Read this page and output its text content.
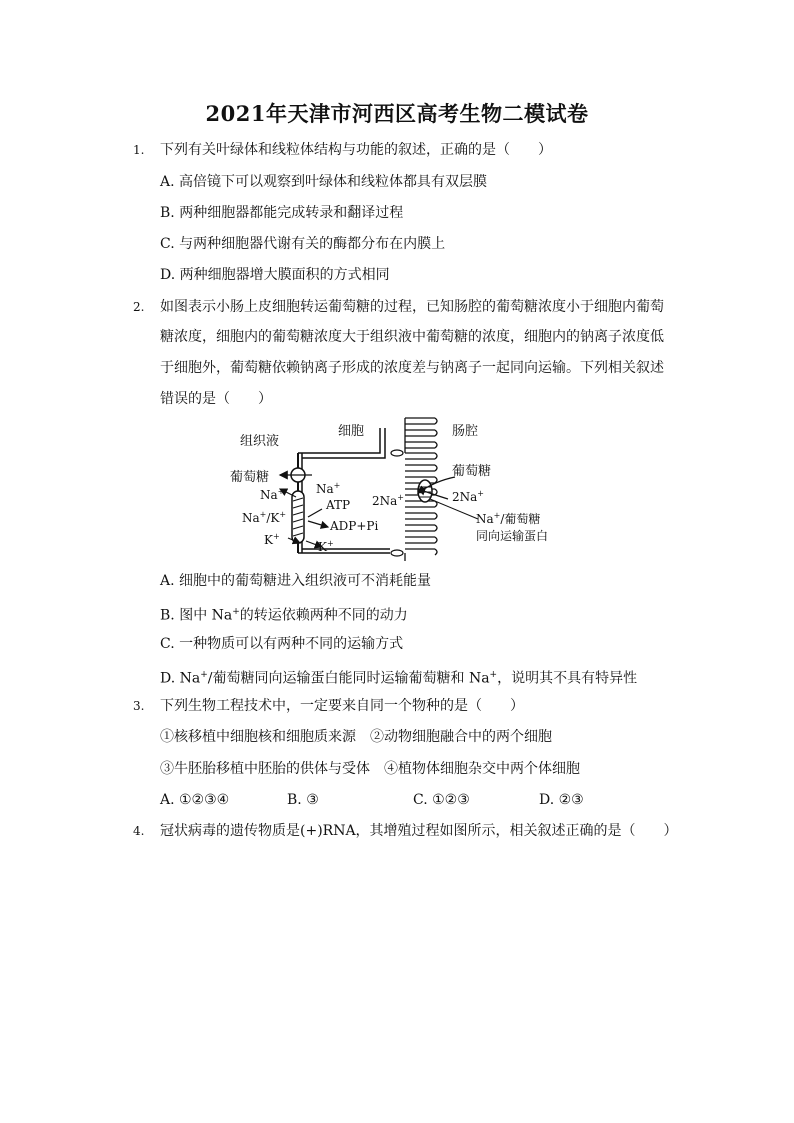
2021年天津市河西区高考生物二模试卷
1. 下列有关叶绿体和线粒体结构与功能的叙述，正确的是（　　）
A. 高倍镜下可以观察到叶绿体和线粒体都具有双层膜
B. 两种细胞器都能完成转录和翻译过程
C. 与两种细胞器代谢有关的酶都分布在内膜上
D. 两种细胞器增大膜面积的方式相同
2. 如图表示小肠上皮细胞转运葡萄糖的过程，已知肠腔的葡萄糖浓度小于细胞内葡萄
糖浓度，细胞内的葡萄糖浓度大于组织液中葡萄糖的浓度，细胞内的钠离子浓度低
于细胞外，葡萄糖依赖钠离子形成的浓度差与钠离子一起同向运输。下列相关叙述
错误的是（　　）
组织液
细胞	肠腔
葡萄糖	葡萄糖
Na+	Na+
ATP
Na+/K+
ADP+Pi
K+
K+
2Na+	2Na+
Na+/葡萄糖
同向运输蛋白
A. 细胞中的葡萄糖进入组织液可不消耗能量
B. 图中 Na+的转运依赖两种不同的动力
C. 一种物质可以有两种不同的运输方式
D. Na+/葡萄糖同向运输蛋白能同时运输葡萄糖和 Na+，说明其不具有特异性
3. 下列生物工程技术中，一定要来自同一个物种的是（　　）
①核移植中细胞核和细胞质来源　②动物细胞融合中的两个细胞
③牛胚胎移植中胚胎的供体与受体　④植物体细胞杂交中两个体细胞
A. ①②③④	B. ③	C. ①②③	D. ②③
4. 冠状病毒的遗传物质是(+)RNA，其增殖过程如图所示，相关叙述正确的是（　　）
